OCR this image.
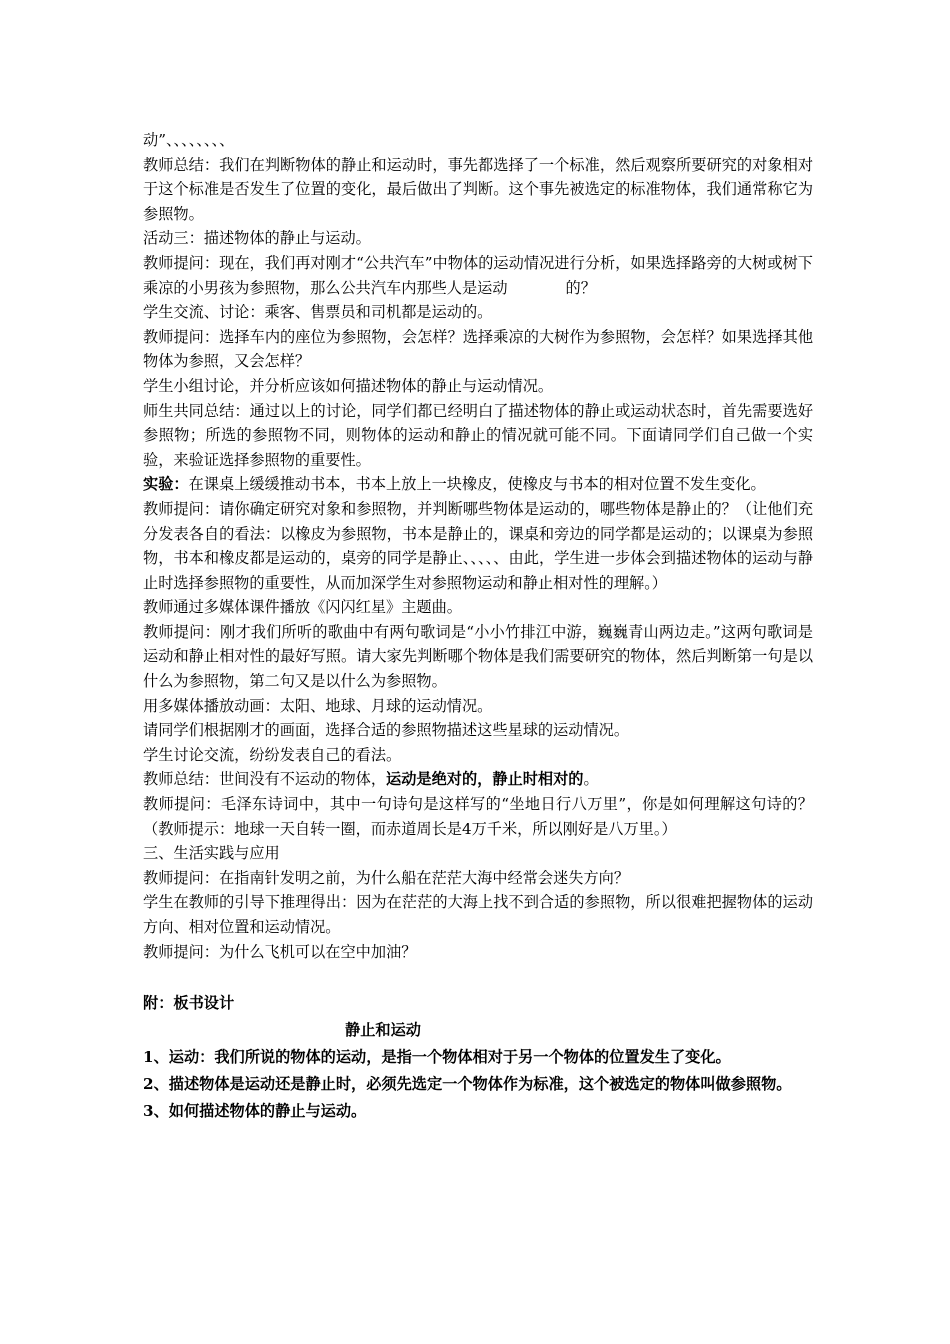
动”、、、、、、、、

教师总结：我们在判断物体的静止和运动时，事先都选择了一个标准，然后观察所要研究的对象相对于这个标准是否发生了位置的变化，最后做出了判断。这个事先被选定的标准物体，我们通常称它为参照物。

活动三：描述物体的静止与运动。

教师提问：现在，我们再对刚才“公共汽车”中物体的运动情况进行分析，如果选择路旁的大树或树下乘凉的小男孩为参照物，那么公共汽车内那些人是运动	的？

学生交流、讨论：乘客、售票员和司机都是运动的。

教师提问：选择车内的座位为参照物，会怎样？选择乘凉的大树作为参照物，会怎样？如果选择其他物体为参照，又会怎样？

学生小组讨论，并分析应该如何描述物体的静止与运动情况。

师生共同总结：通过以上的讨论，同学们都已经明白了描述物体的静止或运动状态时，首先需要选好参照物；所选的参照物不同，则物体的运动和静止的情况就可能不同。下面请同学们自己做一个实验，来验证选择参照物的重要性。

实验：在课桌上缓缓推动书本，书本上放上一块橡皮，使橡皮与书本的相对位置不发生变化。

教师提问：请你确定研究对象和参照物，并判断哪些物体是运动的，哪些物体是静止的？（让他们充分发表各自的看法：以橡皮为参照物，书本是静止的，课桌和旁边的同学都是运动的；以课桌为参照物，书本和橡皮都是运动的，桌旁的同学是静止、、、、、由此，学生进一步体会到描述物体的运动与静止时选择参照物的重要性，从而加深学生对参照物运动和静止相对性的理解。）

教师通过多媒体课件播放《闪闪红星》主题曲。

教师提问：刚才我们所听的歌曲中有两句歌词是“小小竹排江中游，巍巍青山两边走。”这两句歌词是运动和静止相对性的最好写照。请大家先判断哪个物体是我们需要研究的物体，然后判断第一句是以什么为参照物，第二句又是以什么为参照物。

用多媒体播放动画：太阳、地球、月球的运动情况。

请同学们根据刚才的画面，选择合适的参照物描述这些星球的运动情况。

学生讨论交流，纷纷发表自己的看法。

教师总结：世间没有不运动的物体，运动是绝对的，静止时相对的。

教师提问：毛泽东诗词中，其中一句诗句是这样写的“坐地日行八万里”，你是如何理解这句诗的？（教师提示：地球一天自转一圈，而赤道周长是4万千米，所以刚好是八万里。）

三、生活实践与应用

教师提问：在指南针发明之前，为什么船在茫茫大海中经常会迷失方向？

学生在教师的引导下推理得出：因为在茫茫的大海上找不到合适的参照物，所以很难把握物体的运动方向、相对位置和运动情况。

教师提问：为什么飞机可以在空中加油？

附：板书设计

静止和运动

1、运动：我们所说的物体的运动，是指一个物体相对于另一个物体的位置发生了变化。

2、描述物体是运动还是静止时，必须先选定一个物体作为标准，这个被选定的物体叫做参照物。

3、如何描述物体的静止与运动。
